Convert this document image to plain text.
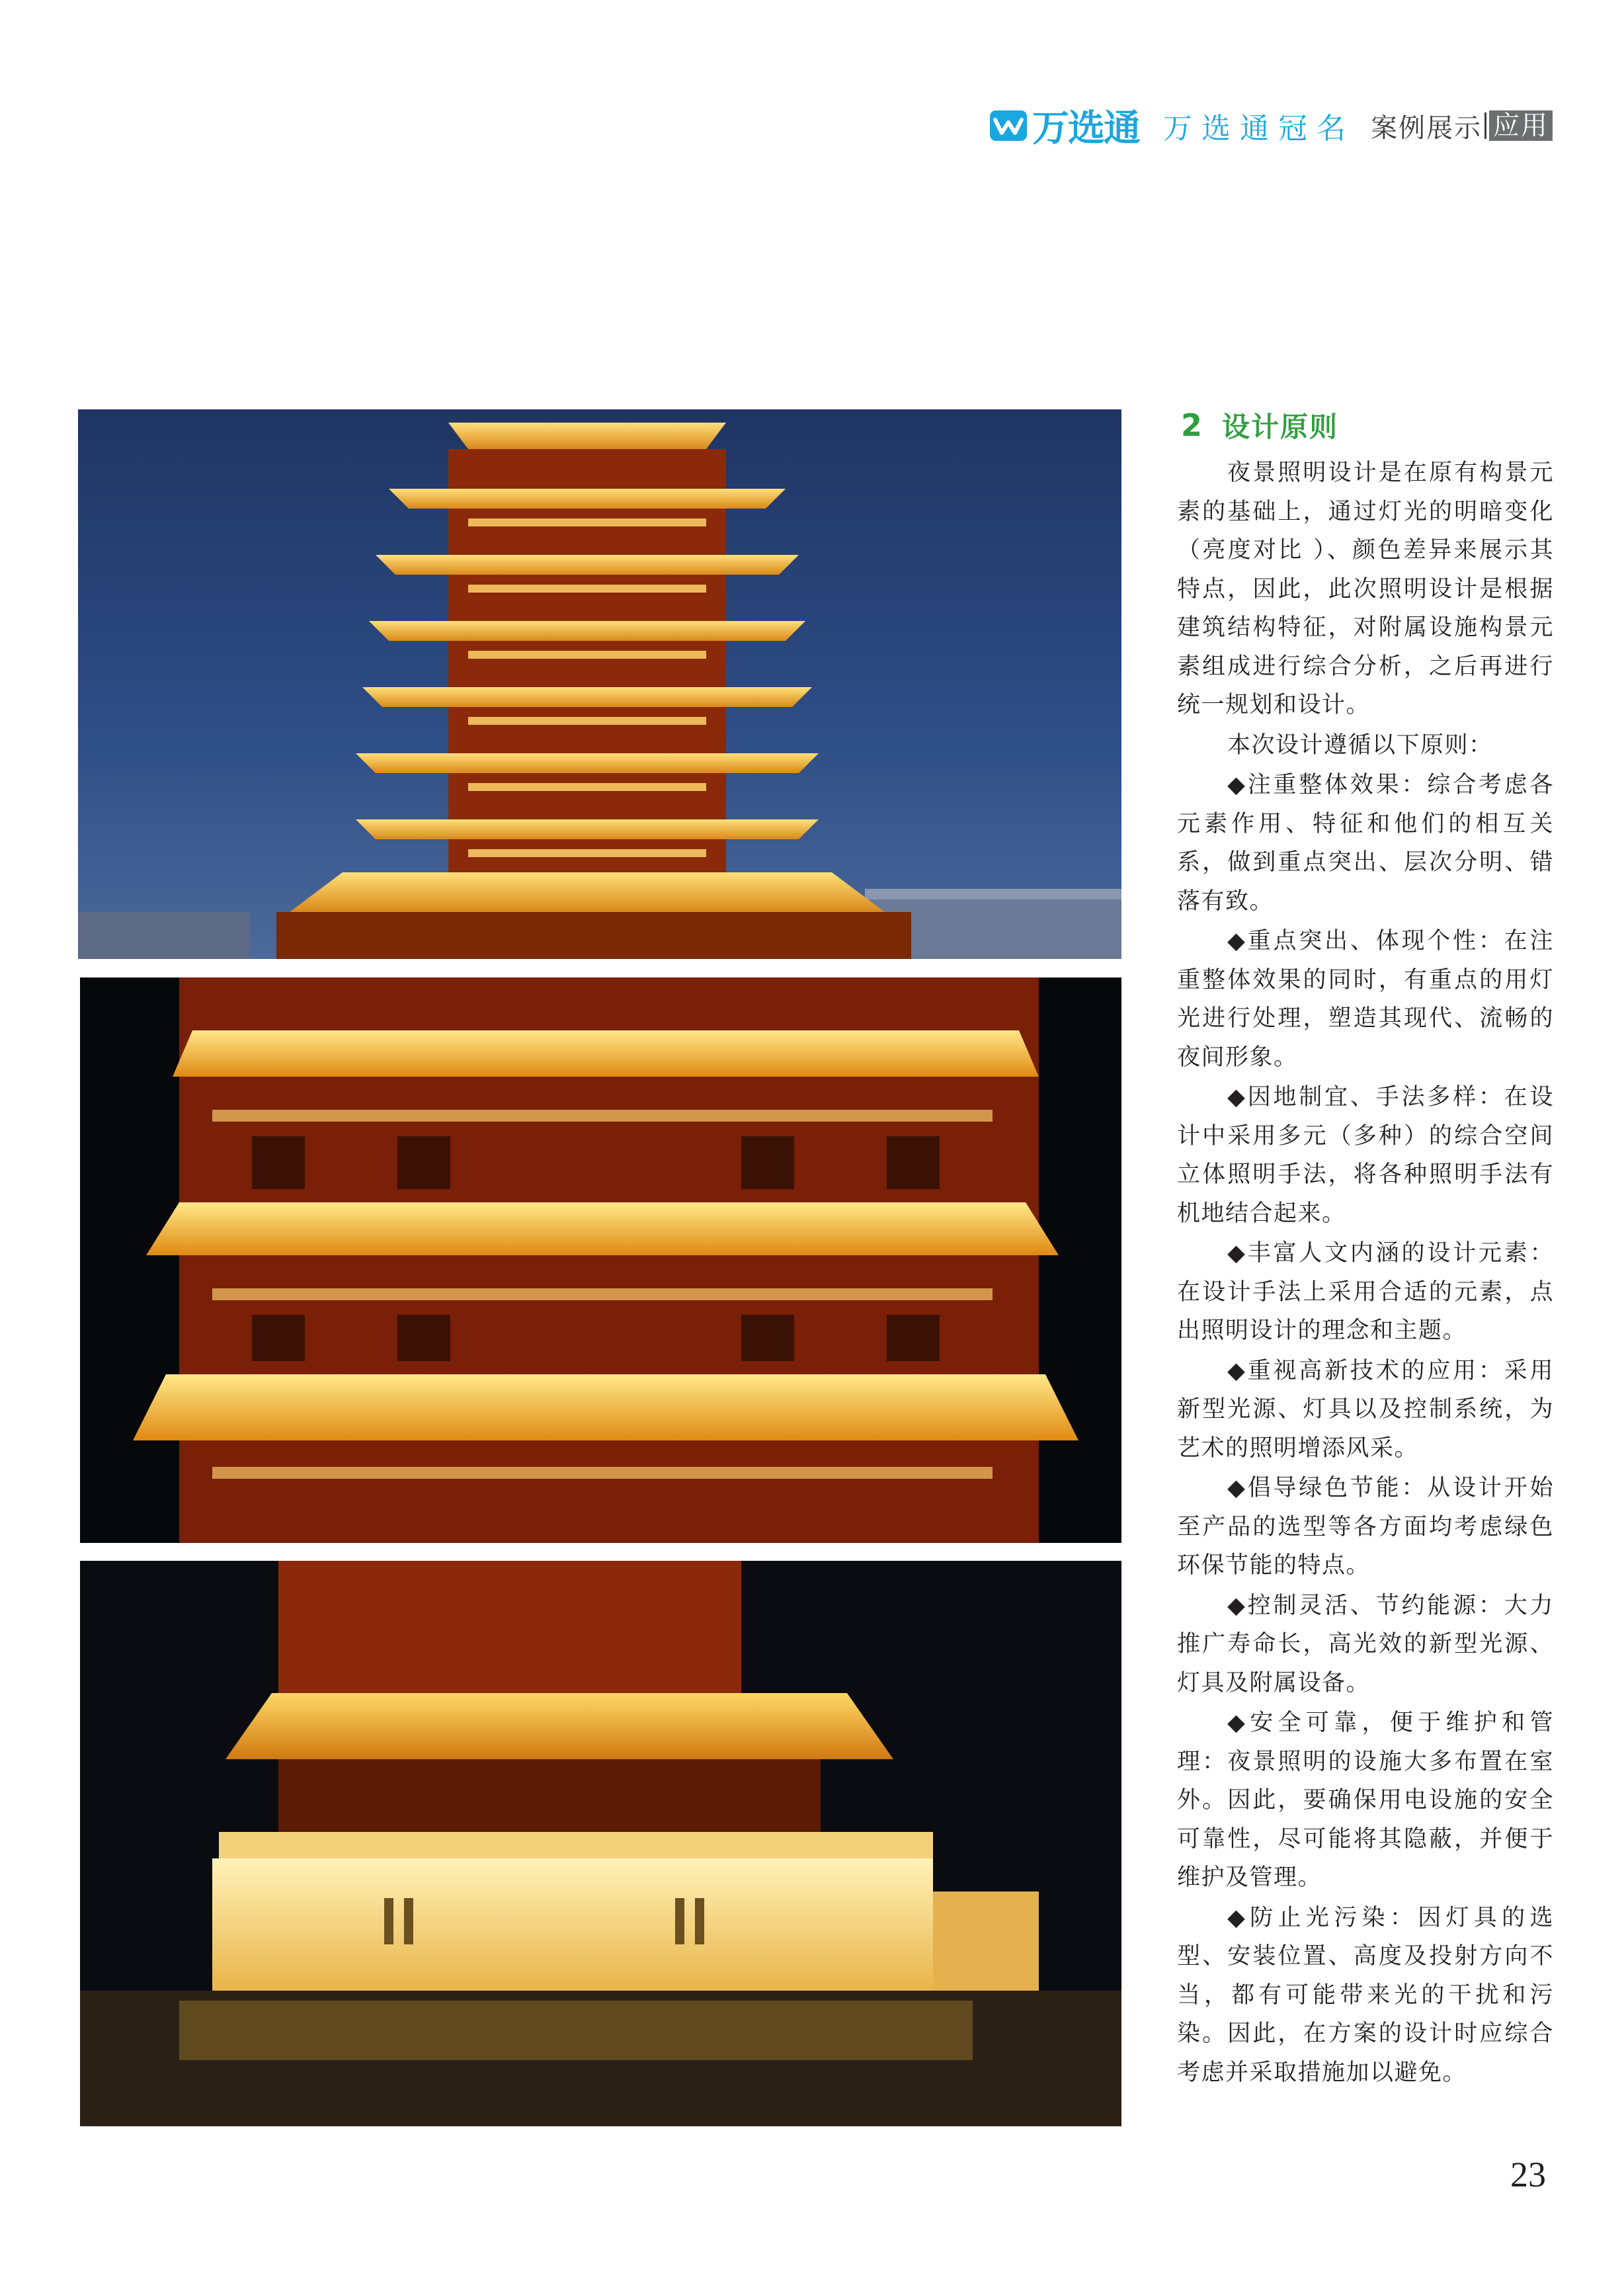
万选通 万选通冠名 案例展示 应用
2 设计原则

夜景照明设计是在原有构景元素的基础上，通过灯光的明暗变化（亮度对比 ）、颜色差异来展示其特点，因此，此次照明设计是根据建筑结构特征，对附属设施构景元素组成进行综合分析，之后再进行统一规划和设计。

本次设计遵循以下原则：

◆注重整体效果：综合考虑各元素作用、特征和他们的相互关系，做到重点突出、层次分明、错落有致。

◆重点突出、体现个性：在注重整体效果的同时，有重点的用灯光进行处理，塑造其现代、流畅的夜间形象。

◆因地制宜、手法多样：在设计中采用多元（多种）的综合空间立体照明手法，将各种照明手法有机地结合起来。

◆丰富人文内涵的设计元素：在设计手法上采用合适的元素，点出照明设计的理念和主题。

◆重视高新技术的应用：采用新型光源、灯具以及控制系统，为艺术的照明增添风采。

◆倡导绿色节能：从设计开始至产品的选型等各方面均考虑绿色环保节能的特点。

◆控制灵活、节约能源：大力推广寿命长，高光效的新型光源、灯具及附属设备。

◆安全可靠，便于维护和管理：夜景照明的设施大多布置在室外。因此，要确保用电设施的安全可靠性，尽可能将其隐蔽，并便于维护及管理。

◆防止光污染：因灯具的选型、安装位置、高度及投射方向不当，都有可能带来光的干扰和污染。因此，在方案的设计时应综合考虑并采取措施加以避免。

23
